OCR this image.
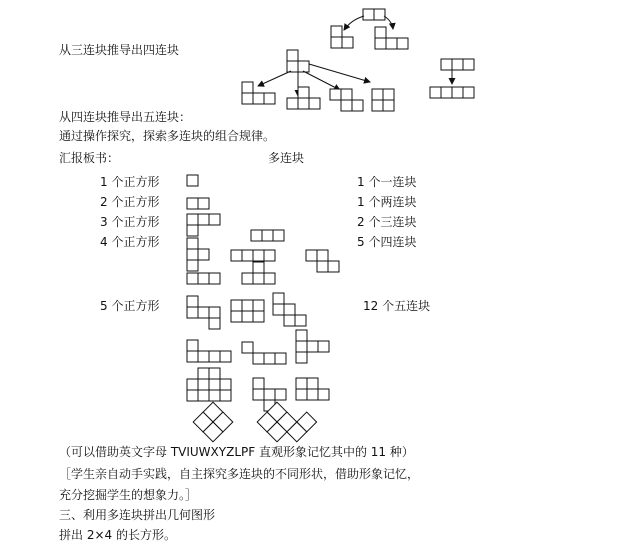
从三连块推导出四连块
从四连块推导出五连块：
通过操作探究，探索多连块的组合规律。
汇报板书：	多连块
1 个正方形
2 个正方形
3 个正方形
4 个正方形
5 个正方形
1 个一连块
1 个两连块
2 个三连块
5 个四连块
12 个五连块
（可以借助英文字母 TVIUWXYZLPF 直观形象记忆其中的 11 种）
［学生亲自动手实践，自主探究多连块的不同形状，借助形象记忆，
充分挖掘学生的想象力。］
三、利用多连块拼出几何图形
拼出 2×4 的长方形。
